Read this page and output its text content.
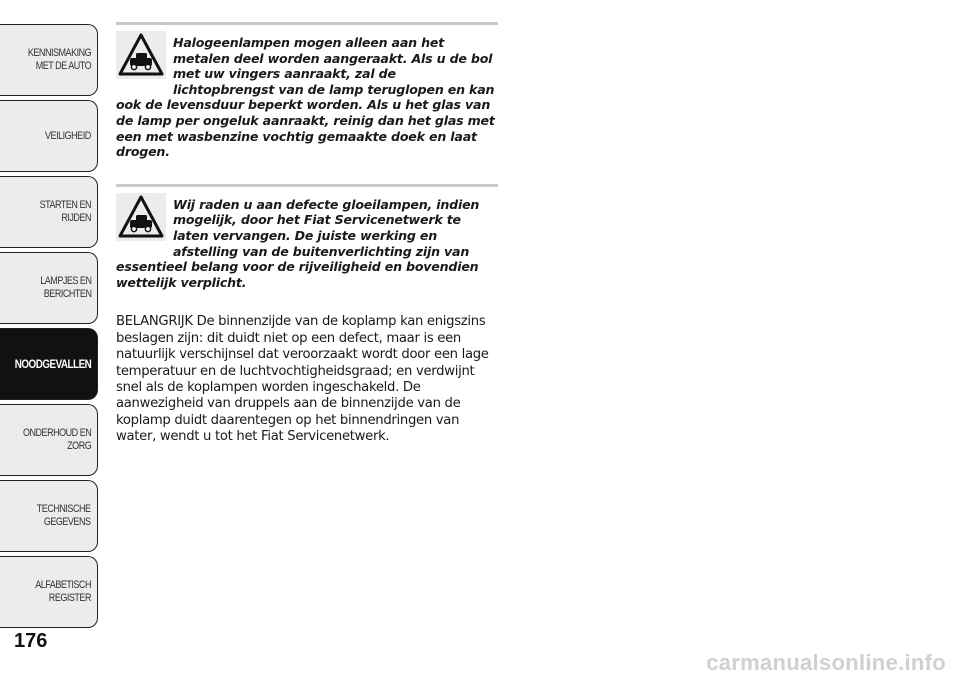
KENNISMAKING
MET DE AUTO
VEILIGHEID
STARTEN EN RIJDEN
LAMPJES EN
BERICHTEN
NOODGEVALLEN
ONDERHOUD EN
ZORG
TECHNISCHE
GEGEVENS
ALFABETISCH
REGISTER
176

Halogeenlampen mogen alleen aan het metalen deel worden aangeraakt. Als u de bol met uw vingers aanraakt, zal de lichtopbrengst van de lamp teruglopen en kan ook de levensduur beperkt worden. Als u het glas van de lamp per ongeluk aanraakt, reinig dan het glas met een met wasbenzine vochtig gemaakte doek en laat drogen.

Wij raden u aan defecte gloeilampen, indien mogelijk, door het Fiat Servicenetwerk te laten vervangen. De juiste werking en afstelling van de buitenverlichting zijn van essentieel belang voor de rijveiligheid en bovendien wettelijk verplicht.

BELANGRIJK De binnenzijde van de koplamp kan enigszins beslagen zijn: dit duidt niet op een defect, maar is een natuurlijk verschijnsel dat veroorzaakt wordt door een lage temperatuur en de luchtvochtigheidsgraad; en verdwijnt snel als de koplampen worden ingeschakeld. De aanwezigheid van druppels aan de binnenzijde van de koplamp duidt daarentegen op het binnendringen van water, wendt u tot het Fiat Servicenetwerk.

carmanualsonline.info
